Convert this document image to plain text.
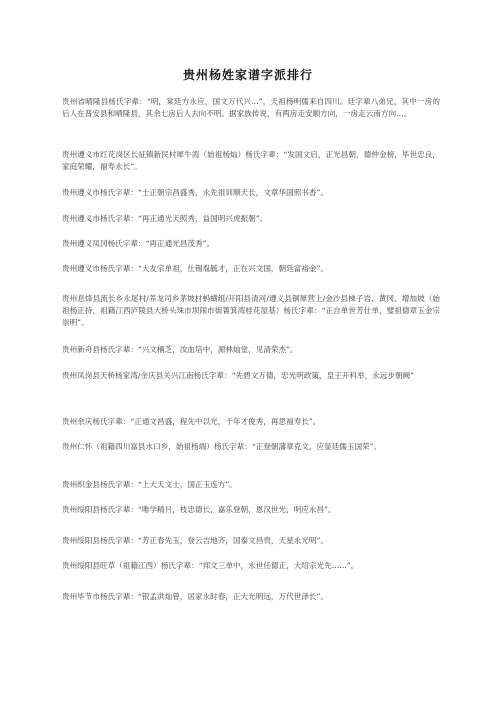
贵州杨姓家谱字派排行

贵州省晴隆县杨氏字辈：“明，棠廷方永应，国文万代兴…”，天祖杨明儒来自四川。廷字辈八弟兄，其中一房的后人在普安县和晴隆县，其余七房后人去向不明。据家族传说，有两房走安顺方向，一房走云南方向…。

贵州遵义市红花岗区长征镇新民村犀牛湾（始祖杨灿）杨氏字辈：“发国文启，正光昌朝，德仲金榜，毕世忠良，家庭荣耀，福寿永长”。

贵州遵义市杨氏字辈：“士正朝宗昌盛秀，永先祖训顺天长，文章华国照书香”。

贵州遵义市杨氏字辈：“再正通光天照秀，益国明兴虎振朝”。

贵州遵义凤冈杨氏字辈：“再正通光昌茂秀”。

贵州遵义市杨氏字辈：“大友宗单祖，仕锡胤毓才，正在兴文国，朝廷富裕金”。

贵州息烽县流长乡永尾村/养龙司乡茅坡村蚂蟥组/开阳县清河/遵义县铜犀营上/金沙县梯子岩、黄冈、增加坡（始祖杨正持，祖籍江西庐陵县大桥头珠市坝闹市街箐箕湾桂花屋基）杨氏字辈：“正自单世芳仕单，璧祖德章玉金宗崇明”。

贵州新舟县杨氏字辈：“兴文楠芝，汝血培中，源林灿堂，见清荣杰”。

贵州凤岗县天桥杨家湾/余庆县关兴江南杨氏字辈：“先碧文万德，忠光明政策，皇王开科举，永远步朝阙”

贵州余庆杨氏字辈：“正通文昌盛，程先中以光，千年才俊秀，再思福寿长”。

贵州仁怀（祖籍四川富县水口乡，始祖杨端）杨氏字辈：“正登朝藩章克文，应显廷儒玉国荣”。

贵州织金县杨氏字辈：“上大天文士，国正玉连方”。

贵州绥阳县杨氏字辈：“唯学精月，枝忠德长，嘉乐登朝，恩汉世光，明应永昌”。

贵州绥阳县杨氏字辈：“芳正春先玉，登云吉地齐，国泰文昌贵，天星永光明”。

贵州绥阳县旺草（祖籍江西）杨氏字辈：“邦文三单中，永世任德正，大绍宗光先……”。

贵州毕节市杨氏字辈：“银孟洪灿曾，居家永时春，正大光明远，万代世泽长”。
